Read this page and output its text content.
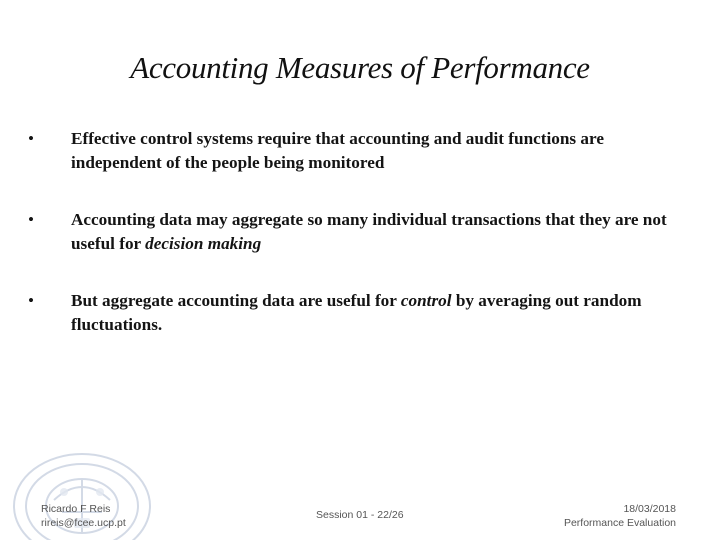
Accounting Measures of Performance
• Effective control systems require that accounting and audit functions are independent of the people being monitored
• Accounting data may aggregate so many individual transactions that they are not useful for decision making
• But aggregate accounting data are useful for control by averaging out random fluctuations.
Ricardo F Reis
rireis@fcee.ucp.pt
Session 01 - 22/26	18/03/2018
Performance Evaluation
